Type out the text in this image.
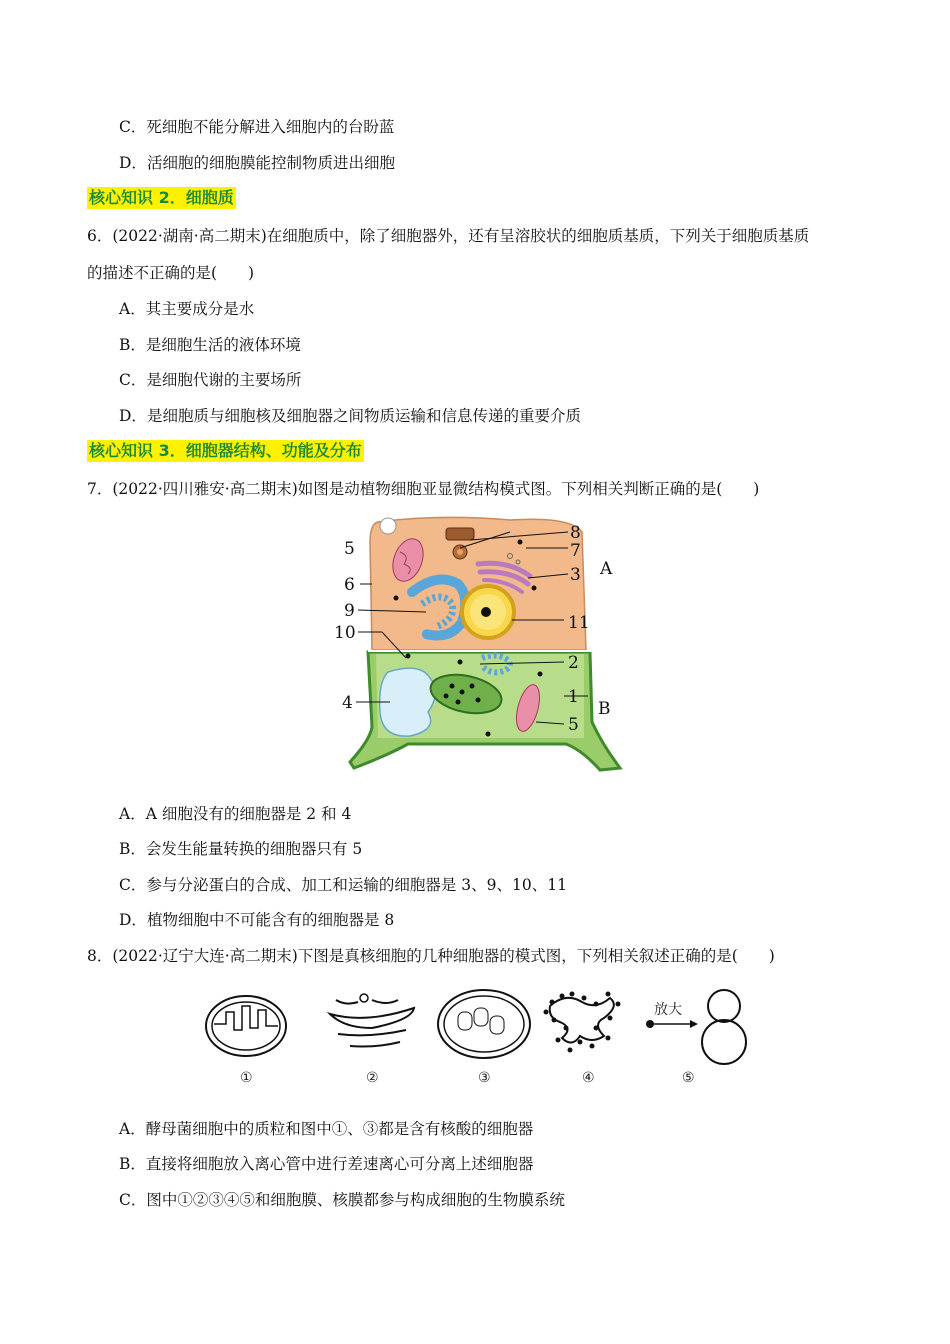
C．死细胞不能分解进入细胞内的台盼蓝
D．活细胞的细胞膜能控制物质进出细胞
核心知识 2．细胞质
6．(2022·湖南·高二期末)在细胞质中，除了细胞器外，还有呈溶胶状的细胞质基质，下列关于细胞质基质
的描述不正确的是(　　)
A．其主要成分是水
B．是细胞生活的液体环境
C．是细胞代谢的主要场所
D．是细胞质与细胞核及细胞器之间物质运输和信息传递的重要介质
核心知识 3．细胞器结构、功能及分布
7．(2022·四川雅安·高二期末)如图是动植物细胞亚显微结构模式图。下列相关判断正确的是(　　)
8
7
3
5
6
9
10	11
A
2
1
5
B
4
A．A 细胞没有的细胞器是 2 和 4
B．会发生能量转换的细胞器只有 5
C．参与分泌蛋白的合成、加工和运输的细胞器是 3、9、10、11
D．植物细胞中不可能含有的细胞器是 8
8．(2022·辽宁大连·高二期末)下图是真核细胞的几种细胞器的模式图，下列相关叙述正确的是(　　)
放大
①	②	③	④	⑤
A．酵母菌细胞中的质粒和图中①、③都是含有核酸的细胞器
B．直接将细胞放入离心管中进行差速离心可分离上述细胞器
C．图中①②③④⑤和细胞膜、核膜都参与构成细胞的生物膜系统
